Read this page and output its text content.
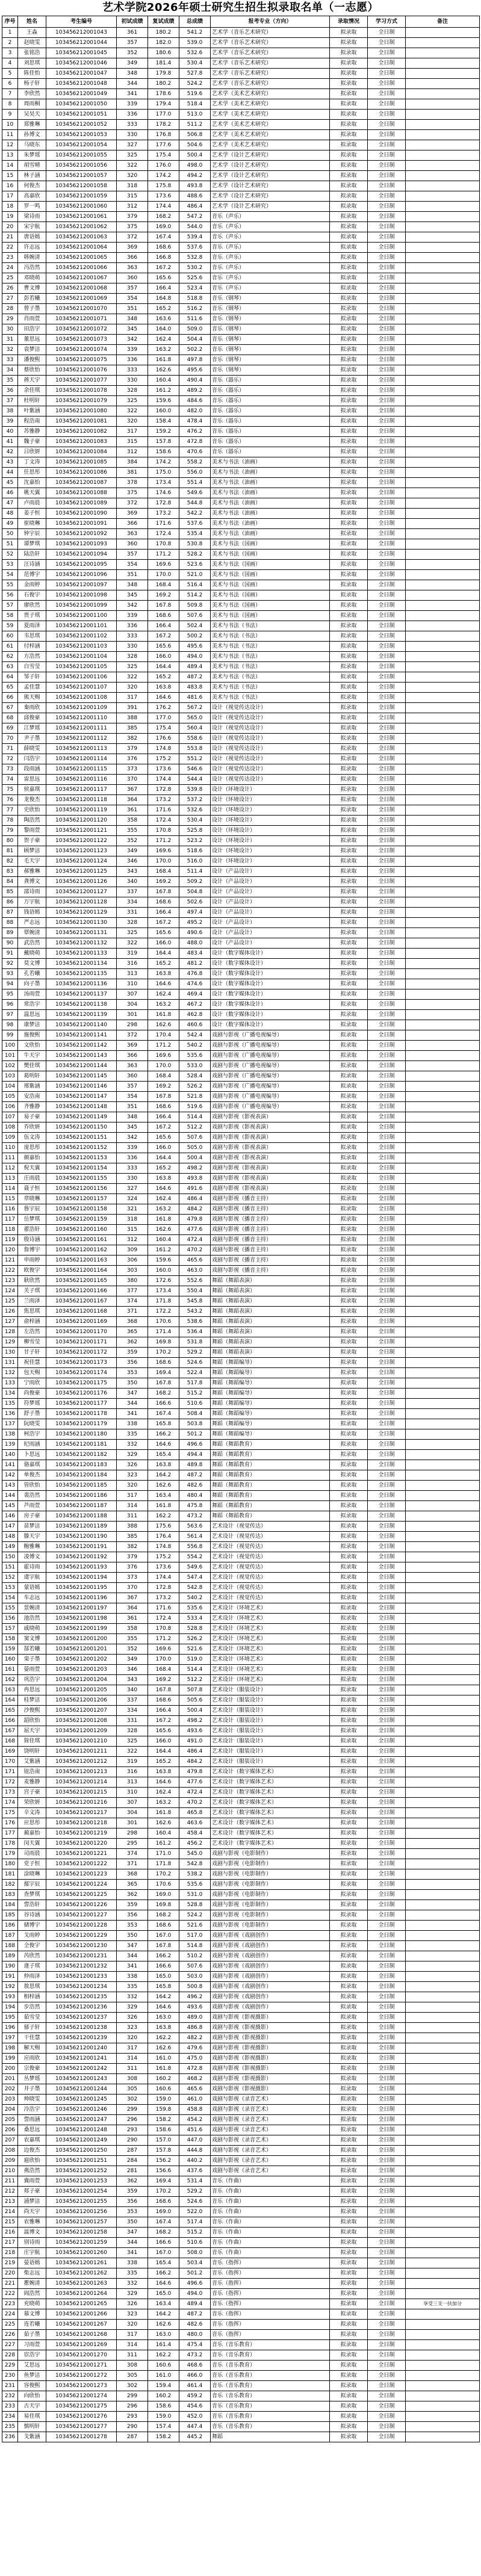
艺术学院2026年硕士研究生招生拟录取名单（一志愿）
序号	姓名	考生编号	初试成绩	复试成绩	总成绩	报考专业（方向）	录取情况	学习方式	备注
1	王淼	103456212001043	361	180.2	541.2	艺术学（音乐艺术研究）	拟录取	全日制	
2	赵晓雯	103456212001044	357	182.0	539.0	艺术学（音乐艺术研究）	拟录取	全日制	
3	张铭浩	103456212001045	352	180.6	532.6	艺术学（音乐艺术研究）	拟录取	全日制	
4	刘思琪	103456212001046	349	181.4	530.4	艺术学（音乐艺术研究）	拟录取	全日制	
5	陈佳怡	103456212001047	348	179.8	527.8	艺术学（音乐艺术研究）	拟录取	全日制	
6	杨子轩	103456212001048	344	180.2	524.2	艺术学（音乐艺术研究）	拟录取	全日制	
7	李欣然	103456212001049	341	178.6	519.6	艺术学（美术艺术研究）	拟录取	全日制	
8	周雨桐	103456212001050	339	179.4	518.4	艺术学（美术艺术研究）	拟录取	全日制	
9	吴昊天	103456212001051	336	177.0	513.0	艺术学（美术艺术研究）	拟录取	全日制	
10	郑雅琳	103456212001052	333	178.2	511.2	艺术学（美术艺术研究）	拟录取	全日制	
11	孙博文	103456212001053	330	176.8	506.8	艺术学（美术艺术研究）	拟录取	全日制	
12	马晓东	103456212001054	327	177.6	504.6	艺术学（美术艺术研究）	拟录取	全日制	
13	朱梦瑶	103456212001055	325	175.4	500.4	艺术学（设计艺术研究）	拟录取	全日制	
14	胡雪晴	103456212001056	322	176.0	498.0	艺术学（设计艺术研究）	拟录取	全日制	
15	林子涵	103456212001057	320	174.2	494.2	艺术学（设计艺术研究）	拟录取	全日制	
16	何俊杰	103456212001058	318	175.8	493.8	艺术学（设计艺术研究）	拟录取	全日制	
17	高嘉欣	103456212001059	315	173.6	488.6	艺术学（设计艺术研究）	拟录取	全日制	
18	罗一鸣	103456212001060	312	174.4	486.4	艺术学（设计艺术研究）	拟录取	全日制	
19	梁诗雨	103456212001061	379	168.2	547.2	音乐（声乐）	拟录取	全日制	
20	宋宇航	103456212001062	375	169.0	544.0	音乐（声乐）	拟录取	全日制	
21	唐语嫣	103456212001063	372	167.4	539.4	音乐（声乐）	拟录取	全日制	
22	许志远	103456212001064	369	168.6	537.6	音乐（声乐）	拟录取	全日制	
23	韩婉清	103456212001065	366	166.8	532.8	音乐（声乐）	拟录取	全日制	
24	冯浩然	103456212001066	363	167.2	530.2	音乐（声乐）	拟录取	全日制	
25	邓晓萌	103456212001067	360	165.6	525.6	音乐（声乐）	拟录取	全日制	
26	曹文博	103456212001068	357	166.4	523.4	音乐（声乐）	拟录取	全日制	
27	彭若曦	103456212001069	354	164.8	518.8	音乐（钢琴）	拟录取	全日制	
28	曾子墨	103456212001070	351	165.2	516.2	音乐（钢琴）	拟录取	全日制	
29	肖雨萱	103456212001071	348	163.6	511.6	音乐（钢琴）	拟录取	全日制	
30	田浩宇	103456212001072	345	164.0	509.0	音乐（钢琴）	拟录取	全日制	
31	董思远	103456212001073	342	162.4	504.4	音乐（钢琴）	拟录取	全日制	
32	袁梦洁	103456212001074	339	163.2	502.2	音乐（钢琴）	拟录取	全日制	
33	潘俊熙	103456212001075	336	161.8	497.8	音乐（钢琴）	拟录取	全日制	
34	蔡欣怡	103456212001076	333	162.6	495.6	音乐（钢琴）	拟录取	全日制	
35	蒋天宇	103456212001077	330	160.4	490.4	音乐（器乐）	拟录取	全日制	
36	余佳琪	103456212001078	328	161.2	489.2	音乐（器乐）	拟录取	全日制	
37	杜明轩	103456212001079	325	159.6	484.6	音乐（器乐）	拟录取	全日制	
38	叶紫涵	103456212001080	322	160.0	482.0	音乐（器乐）	拟录取	全日制	
39	程浩南	103456212001081	320	158.4	478.4	音乐（器乐）	拟录取	全日制	
40	苏雅静	103456212001082	317	159.2	476.2	音乐（器乐）	拟录取	全日制	
41	魏子豪	103456212001083	315	157.8	472.8	音乐（器乐）	拟录取	全日制	
42	吕欣妍	103456212001084	312	158.6	470.6	音乐（器乐）	拟录取	全日制	
43	丁文涛	103456212001085	384	174.2	558.2	美术与书法（油画）	拟录取	全日制	
44	任思彤	103456212001086	381	175.0	556.0	美术与书法（油画）	拟录取	全日制	
45	沈嘉怡	103456212001087	378	173.4	551.4	美术与书法（油画）	拟录取	全日制	
46	姚天翼	103456212001088	375	174.6	549.6	美术与书法（油画）	拟录取	全日制	
47	卢雨晨	103456212001089	372	172.8	544.8	美术与书法（油画）	拟录取	全日制	
48	姜子恒	103456212001090	369	173.2	542.2	美术与书法（油画）	拟录取	全日制	
49	崔晓琳	103456212001091	366	171.6	537.6	美术与书法（油画）	拟录取	全日制	
50	钟宇辰	103456212001092	363	172.4	535.4	美术与书法（油画）	拟录取	全日制	
51	谭梦琪	103456212001093	360	170.8	530.8	美术与书法（国画）	拟录取	全日制	
52	陆浩轩	103456212001094	357	171.2	528.2	美术与书法（国画）	拟录取	全日制	
53	汪诗涵	103456212001095	354	169.6	523.6	美术与书法（国画）	拟录取	全日制	
54	范博宇	103456212001096	351	170.0	521.0	美术与书法（国画）	拟录取	全日制	
55	金雨婷	103456212001097	348	168.4	516.4	美术与书法（国画）	拟录取	全日制	
56	石俊宇	103456212001098	345	169.2	514.2	美术与书法（国画）	拟录取	全日制	
57	廖欣然	103456212001099	342	167.8	509.8	美术与书法（国画）	拟录取	全日制	
58	贾子琪	103456212001100	339	168.6	507.6	美术与书法（国画）	拟录取	全日制	
59	夏雨泽	103456212001101	336	166.4	502.4	美术与书法（书法）	拟录取	全日制	
60	韦思琪	103456212001102	333	167.2	500.2	美术与书法（书法）	拟录取	全日制	
61	付梓涵	103456212001103	330	165.6	495.6	美术与书法（书法）	拟录取	全日制	
62	方浩然	103456212001104	328	166.0	494.0	美术与书法（书法）	拟录取	全日制	
63	白雪莹	103456212001105	325	164.4	489.4	美术与书法（书法）	拟录取	全日制	
64	邹子轩	103456212001106	322	165.2	487.2	美术与书法（书法）	拟录取	全日制	
65	孟佳慧	103456212001107	320	163.8	483.8	美术与书法（书法）	拟录取	全日制	
66	熊天赐	103456212001108	317	164.6	481.6	美术与书法（书法）	拟录取	全日制	
67	秦雨欣	103456212001109	391	176.2	567.2	设计（视觉传达设计）	拟录取	全日制	
68	邱俊豪	103456212001110	388	177.0	565.0	设计（视觉传达设计）	拟录取	全日制	
69	江梦瑶	103456212001111	385	175.4	560.4	设计（视觉传达设计）	拟录取	全日制	
70	尹子墨	103456212001112	382	176.6	558.6	设计（视觉传达设计）	拟录取	全日制	
71	薛晓雯	103456212001113	379	174.8	553.8	设计（视觉传达设计）	拟录取	全日制	
72	闫浩宇	103456212001114	376	175.2	551.2	设计（视觉传达设计）	拟录取	全日制	
73	段雨涵	103456212001115	373	173.6	546.6	设计（视觉传达设计）	拟录取	全日制	
74	雷思远	103456212001116	370	174.4	544.4	设计（视觉传达设计）	拟录取	全日制	
75	侯嘉琪	103456212001117	367	172.8	539.8	设计（环境设计）	拟录取	全日制	
76	龙俊杰	103456212001118	364	173.2	537.2	设计（环境设计）	拟录取	全日制	
77	史欣怡	103456212001119	361	171.6	532.6	设计（环境设计）	拟录取	全日制	
78	陶浩然	103456212001120	358	172.4	530.4	设计（环境设计）	拟录取	全日制	
79	黎雨萱	103456212001121	355	170.8	525.8	设计（环境设计）	拟录取	全日制	
80	贺子豪	103456212001122	352	171.2	523.2	设计（环境设计）	拟录取	全日制	
81	顾梦洁	103456212001123	349	169.6	518.6	设计（环境设计）	拟录取	全日制	
82	毛天宇	103456212001124	346	170.0	516.0	设计（环境设计）	拟录取	全日制	
83	郝雅琳	103456212001125	343	168.4	511.4	设计（产品设计）	拟录取	全日制	
84	龚博文	103456212001126	340	169.2	509.2	设计（产品设计）	拟录取	全日制	
85	邵诗雨	103456212001127	337	167.8	504.8	设计（产品设计）	拟录取	全日制	
86	万宇航	103456212001128	334	168.6	502.6	设计（产品设计）	拟录取	全日制	
87	钱语嫣	103456212001129	331	166.4	497.4	设计（产品设计）	拟录取	全日制	
88	严志远	103456212001130	328	167.2	495.2	设计（产品设计）	拟录取	全日制	
89	覃婉清	103456212001131	325	165.6	490.6	设计（产品设计）	拟录取	全日制	
90	武浩然	103456212001132	322	166.0	488.0	设计（产品设计）	拟录取	全日制	
91	戴晓萌	103456212001133	319	164.4	483.4	设计（数字媒体设计）	拟录取	全日制	
92	莫文博	103456212001134	316	165.2	481.2	设计（数字媒体设计）	拟录取	全日制	
93	孔若曦	103456212001135	313	163.8	476.8	设计（数字媒体设计）	拟录取	全日制	
94	向子墨	103456212001136	310	164.6	474.6	设计（数字媒体设计）	拟录取	全日制	
95	汤雨萱	103456212001137	307	162.4	469.4	设计（数字媒体设计）	拟录取	全日制	
96	常浩宇	103456212001138	304	163.2	467.2	设计（数字媒体设计）	拟录取	全日制	
97	温思远	103456212001139	301	161.8	462.8	设计（数字媒体设计）	拟录取	全日制	
98	康梦洁	103456212001140	298	162.6	460.6	设计（数字媒体设计）	拟录取	全日制	
99	施俊熙	103456212001141	372	170.4	542.4	戏剧与影视（广播电视编导）	拟录取	全日制	
100	文欣怡	103456212001142	369	171.2	540.2	戏剧与影视（广播电视编导）	拟录取	全日制	
101	牛天宇	103456212001143	366	169.6	535.6	戏剧与影视（广播电视编导）	拟录取	全日制	
102	樊佳琪	103456212001144	363	170.0	533.0	戏剧与影视（广播电视编导）	拟录取	全日制	
103	葛明轩	103456212001145	360	168.4	528.4	戏剧与影视（广播电视编导）	拟录取	全日制	
104	邢紫涵	103456212001146	357	169.2	526.2	戏剧与影视（广播电视编导）	拟录取	全日制	
105	安浩南	103456212001147	354	167.8	521.8	戏剧与影视（广播电视编导）	拟录取	全日制	
106	齐雅静	103456212001148	351	168.6	519.6	戏剧与影视（广播电视编导）	拟录取	全日制	
107	易子豪	103456212001149	348	166.4	514.4	戏剧与影视（影视表演）	拟录取	全日制	
108	乔欣妍	103456212001150	345	167.2	512.2	戏剧与影视（影视表演）	拟录取	全日制	
109	伍文涛	103456212001151	342	165.6	507.6	戏剧与影视（影视表演）	拟录取	全日制	
110	庞思彤	103456212001152	339	166.0	505.0	戏剧与影视（影视表演）	拟录取	全日制	
111	颜嘉怡	103456212001153	336	164.4	500.4	戏剧与影视（影视表演）	拟录取	全日制	
112	倪天翼	103456212001154	333	165.2	498.2	戏剧与影视（影视表演）	拟录取	全日制	
113	庄雨晨	103456212001155	330	163.8	493.8	戏剧与影视（影视表演）	拟录取	全日制	
114	聂子恒	103456212001156	327	164.6	491.6	戏剧与影视（影视表演）	拟录取	全日制	
115	章晓琳	103456212001157	324	162.4	486.4	戏剧与影视（播音主持）	拟录取	全日制	
116	鲁宇辰	103456212001158	321	163.2	484.2	戏剧与影视（播音主持）	拟录取	全日制	
117	岳梦琪	103456212001159	318	161.8	479.8	戏剧与影视（播音主持）	拟录取	全日制	
118	翟浩轩	103456212001160	315	162.6	477.6	戏剧与影视（播音主持）	拟录取	全日制	
119	殷诗涵	103456212001161	312	160.4	472.4	戏剧与影视（播音主持）	拟录取	全日制	
120	詹博宇	103456212001162	309	161.2	470.2	戏剧与影视（播音主持）	拟录取	全日制	
121	申雨婷	103456212001163	306	159.6	465.6	戏剧与影视（播音主持）	拟录取	全日制	
122	欧俊宇	103456212001164	303	160.0	463.0	戏剧与影视（播音主持）	拟录取	全日制	
123	耿欣然	103456212001165	380	172.6	552.6	舞蹈（舞蹈表演）	拟录取	全日制	
124	关子琪	103456212001166	377	173.4	550.4	舞蹈（舞蹈表演）	拟录取	全日制	
125	兰雨泽	103456212001167	374	171.8	545.8	舞蹈（舞蹈表演）	拟录取	全日制	
126	焦思琪	103456212001168	371	172.2	543.2	舞蹈（舞蹈表演）	拟录取	全日制	
127	俞梓涵	103456212001169	368	170.6	538.6	舞蹈（舞蹈表演）	拟录取	全日制	
128	左浩然	103456212001170	365	171.4	536.4	舞蹈（舞蹈表演）	拟录取	全日制	
129	柳雪莹	103456212001171	362	169.8	531.8	舞蹈（舞蹈表演）	拟录取	全日制	
130	甘子轩	103456212001172	359	170.2	529.2	舞蹈（舞蹈表演）	拟录取	全日制	
131	祝佳慧	103456212001173	356	168.6	524.6	舞蹈（舞蹈编导）	拟录取	全日制	
132	包天赐	103456212001174	353	169.4	522.4	舞蹈（舞蹈编导）	拟录取	全日制	
133	宁雨欣	103456212001175	350	167.8	517.8	舞蹈（舞蹈编导）	拟录取	全日制	
134	尚俊豪	103456212001176	347	168.2	515.2	舞蹈（舞蹈编导）	拟录取	全日制	
135	符梦瑶	103456212001177	344	166.6	510.6	舞蹈（舞蹈编导）	拟录取	全日制	
136	舒子墨	103456212001178	341	167.4	508.4	舞蹈（舞蹈编导）	拟录取	全日制	
137	阮晓雯	103456212001179	338	165.8	503.8	舞蹈（舞蹈编导）	拟录取	全日制	
138	柯浩宇	103456212001180	335	166.2	501.2	舞蹈（舞蹈编导）	拟录取	全日制	
139	纪雨涵	103456212001181	332	164.6	496.6	舞蹈（舞蹈教育）	拟录取	全日制	
140	卜思远	103456212001182	329	165.4	494.4	舞蹈（舞蹈教育）	拟录取	全日制	
141	骆嘉琪	103456212001183	326	163.8	489.8	舞蹈（舞蹈教育）	拟录取	全日制	
142	单俊杰	103456212001184	323	164.2	487.2	舞蹈（舞蹈教育）	拟录取	全日制	
143	管欣怡	103456212001185	320	162.6	482.6	舞蹈（舞蹈教育）	拟录取	全日制	
144	裴浩然	103456212001186	317	163.4	480.4	舞蹈（舞蹈教育）	拟录取	全日制	
145	芦雨萱	103456212001187	314	161.8	475.8	舞蹈（舞蹈教育）	拟录取	全日制	
146	房子豪	103456212001188	311	162.2	473.2	舞蹈（舞蹈教育）	拟录取	全日制	
147	苗梦洁	103456212001189	388	175.6	563.6	艺术设计（视觉传达）	拟录取	全日制	
148	滕天宇	103456212001190	385	176.4	561.4	艺术设计（视觉传达）	拟录取	全日制	
149	鲍雅琳	103456212001191	382	174.8	556.8	艺术设计（视觉传达）	拟录取	全日制	
150	凌博文	103456212001192	379	175.2	554.2	艺术设计（视觉传达）	拟录取	全日制	
151	霍诗雨	103456212001193	376	173.6	549.6	艺术设计（视觉传达）	拟录取	全日制	
152	虞宇航	103456212001194	373	174.4	547.4	艺术设计（视觉传达）	拟录取	全日制	
153	蒙语嫣	103456212001195	370	172.8	542.8	艺术设计（视觉传达）	拟录取	全日制	
154	车志远	103456212001196	367	173.2	540.2	艺术设计（视觉传达）	拟录取	全日制	
155	景婉清	103456212001197	364	171.6	535.6	艺术设计（环境艺术）	拟录取	全日制	
156	池浩然	103456212001198	361	172.4	533.4	艺术设计（环境艺术）	拟录取	全日制	
157	戚晓萌	103456212001199	358	170.8	528.8	艺术设计（环境艺术）	拟录取	全日制	
158	窦文博	103456212001200	355	171.2	526.2	艺术设计（环境艺术）	拟录取	全日制	
159	郜若曦	103456212001201	352	169.6	521.6	艺术设计（环境艺术）	拟录取	全日制	
160	栾子墨	103456212001202	349	170.0	519.0	艺术设计（环境艺术）	拟录取	全日制	
161	晏雨萱	103456212001203	346	168.4	514.4	艺术设计（环境艺术）	拟录取	全日制	
162	巩浩宇	103456212001204	343	169.2	512.2	艺术设计（环境艺术）	拟录取	全日制	
163	冉思远	103456212001205	340	167.8	507.8	艺术设计（服装设计）	拟录取	全日制	
164	桂梦洁	103456212001206	337	168.6	505.6	艺术设计（服装设计）	拟录取	全日制	
165	沙俊熙	103456212001207	334	166.4	500.4	艺术设计（服装设计）	拟录取	全日制	
166	韶欣怡	103456212001208	331	167.2	498.2	艺术设计（服装设计）	拟录取	全日制	
167	屈天宇	103456212001209	328	165.6	493.6	艺术设计（服装设计）	拟录取	全日制	
168	简佳琪	103456212001210	325	166.0	491.0	艺术设计（服装设计）	拟录取	全日制	
169	饶明轩	103456212001211	322	164.4	486.4	艺术设计（服装设计）	拟录取	全日制	
170	艾紫涵	103456212001212	319	165.2	484.2	艺术设计（服装设计）	拟录取	全日制	
171	钮浩南	103456212001213	316	163.8	479.8	艺术设计（数字媒体艺术）	拟录取	全日制	
172	麦雅静	103456212001214	313	164.6	477.6	艺术设计（数字媒体艺术）	拟录取	全日制	
173	宫子豪	103456212001215	310	162.4	472.4	艺术设计（数字媒体艺术）	拟录取	全日制	
174	荣欣妍	103456212001216	307	163.2	470.2	艺术设计（数字媒体艺术）	拟录取	全日制	
175	辛文涛	103456212001217	304	161.8	465.8	艺术设计（数字媒体艺术）	拟录取	全日制	
176	应思彤	103456212001218	301	162.6	463.6	艺术设计（数字媒体艺术）	拟录取	全日制	
177	蔺嘉怡	103456212001219	298	160.4	458.4	艺术设计（数字媒体艺术）	拟录取	全日制	
178	闵天翼	103456212001220	295	161.2	456.2	艺术设计（数字媒体艺术）	拟录取	全日制	
179	司雨晨	103456212001221	374	171.0	545.0	戏剧与影视（电影制作）	拟录取	全日制	
180	党子恒	103456212001222	371	171.8	542.8	戏剧与影视（电影制作）	拟录取	全日制	
181	涂晓琳	103456212001223	368	170.2	538.2	戏剧与影视（电影制作）	拟录取	全日制	
182	鄢宇辰	103456212001224	365	170.6	535.6	戏剧与影视（电影制作）	拟录取	全日制	
183	查梦琪	103456212001225	362	169.0	531.0	戏剧与影视（电影制作）	拟录取	全日制	
184	訾浩轩	103456212001226	359	169.8	528.8	戏剧与影视（电影制作）	拟录取	全日制	
185	谷诗涵	103456212001227	356	168.2	524.2	戏剧与影视（电影制作）	拟录取	全日制	
186	储博宇	103456212001228	353	168.6	521.6	戏剧与影视（电影制作）	拟录取	全日制	
187	戈雨婷	103456212001229	350	167.0	517.0	戏剧与影视（戏剧创作）	拟录取	全日制	
188	全俊宇	103456212001230	347	167.8	514.8	戏剧与影视（戏剧创作）	拟录取	全日制	
189	芮欣然	103456212001231	344	166.2	510.2	戏剧与影视（戏剧创作）	拟录取	全日制	
190	逄子琪	103456212001232	341	166.6	507.6	戏剧与影视（戏剧创作）	拟录取	全日制	
191	仲雨泽	103456212001233	338	165.0	503.0	戏剧与影视（戏剧创作）	拟录取	全日制	
192	敖思琪	103456212001234	335	165.8	500.8	戏剧与影视（戏剧创作）	拟录取	全日制	
193	相梓涵	103456212001235	332	164.2	496.2	戏剧与影视（戏剧创作）	拟录取	全日制	
194	步浩然	103456212001236	329	164.6	493.6	戏剧与影视（戏剧创作）	拟录取	全日制	
195	茹雪莹	103456212001237	326	163.0	489.0	戏剧与影视（影视摄影）	拟录取	全日制	
196	郁子轩	103456212001238	323	163.8	486.8	戏剧与影视（影视摄影）	拟录取	全日制	
197	干佳慧	103456212001239	320	162.2	482.2	戏剧与影视（影视摄影）	拟录取	全日制	
198	解天赐	103456212001240	317	162.6	479.6	戏剧与影视（影视摄影）	拟录取	全日制	
199	应雨欣	103456212001241	314	161.0	475.0	戏剧与影视（影视摄影）	拟录取	全日制	
200	宗俊豪	103456212001242	311	161.8	472.8	戏剧与影视（影视摄影）	拟录取	全日制	
201	丛梦瑶	103456212001243	308	160.2	468.2	戏剧与影视（影视摄影）	拟录取	全日制	
202	井子墨	103456212001244	305	160.6	465.6	戏剧与影视（影视摄影）	拟录取	全日制	
203	帅晓雯	103456212001245	302	159.0	461.0	戏剧与影视（录音艺术）	拟录取	全日制	
204	冷浩宇	103456212001246	299	159.8	458.8	戏剧与影视（录音艺术）	拟录取	全日制	
205	訾雨涵	103456212001247	296	158.2	454.2	戏剧与影视（录音艺术）	拟录取	全日制	
206	桑思远	103456212001248	293	158.6	451.6	戏剧与影视（录音艺术）	拟录取	全日制	
207	农嘉琪	103456212001249	290	157.0	447.0	戏剧与影视（录音艺术）	拟录取	全日制	
208	边俊杰	103456212001250	287	157.8	444.8	戏剧与影视（录音艺术）	拟录取	全日制	
209	扈欣怡	103456212001251	284	156.2	440.2	戏剧与影视（录音艺术）	拟录取	全日制	
210	燕浩然	103456212001252	281	156.6	437.6	戏剧与影视（录音艺术）	拟录取	全日制	
211	冀雨萱	103456212001253	362	169.4	531.4	音乐（作曲）	拟录取	全日制	
212	郏子豪	103456212001254	359	170.2	529.2	音乐（作曲）	拟录取	全日制	
213	浦梦洁	103456212001255	356	168.6	524.6	音乐（作曲）	拟录取	全日制	
214	尚天宇	103456212001256	353	169.0	522.0	音乐（作曲）	拟录取	全日制	
215	农雅琳	103456212001257	350	167.4	517.4	音乐（作曲）	拟录取	全日制	
216	温博文	103456212001258	347	168.2	515.2	音乐（作曲）	拟录取	全日制	
217	别诗雨	103456212001259	344	166.6	510.6	音乐（作曲）	拟录取	全日制	
218	庄宇航	103456212001260	341	167.0	508.0	音乐（作曲）	拟录取	全日制	
219	晏语嫣	103456212001261	338	165.4	503.4	音乐（指挥）	拟录取	全日制	
220	柴志远	103456212001262	335	166.2	501.2	音乐（指挥）	拟录取	全日制	
221	瞿婉清	103456212001263	332	164.6	496.6	音乐（指挥）	拟录取	全日制	
222	阎浩然	103456212001264	329	165.0	494.0	音乐（指挥）	拟录取	全日制	
223	充晓萌	103456212001265	326	163.4	489.4	音乐（指挥）	拟录取	全日制	享受三支一扶加分
224	慕文博	103456212001266	323	164.2	487.2	音乐（指挥）	拟录取	全日制	
225	连若曦	103456212001267	320	162.6	482.6	音乐（指挥）	拟录取	全日制	
226	茹子墨	103456212001268	317	163.0	480.0	音乐（指挥）	拟录取	全日制	
227	习雨萱	103456212001269	314	161.4	475.4	音乐（音乐教育）	拟录取	全日制	
228	宦浩宇	103456212001270	311	162.2	473.2	音乐（音乐教育）	拟录取	全日制	
229	艾思远	103456212001271	308	160.6	468.6	音乐（音乐教育）	拟录取	全日制	
230	鱼梦洁	103456212001272	305	161.0	466.0	音乐（音乐教育）	拟录取	全日制	
231	容俊熙	103456212001273	302	159.4	461.4	音乐（音乐教育）	拟录取	全日制	
232	向欣怡	103456212001274	299	160.2	459.2	音乐（音乐教育）	拟录取	全日制	
233	古天宇	103456212001275	296	158.6	454.6	音乐（音乐教育）	拟录取	全日制	
234	易佳琪	103456212001276	293	159.0	452.0	音乐（音乐教育）	拟录取	全日制	
235	慎明轩	103456212001277	290	157.4	447.4	音乐（音乐教育）	拟录取	全日制	
236	戈紫涵	103456212001278	287	158.2	445.2	舞蹈	拟录取	全日制	
